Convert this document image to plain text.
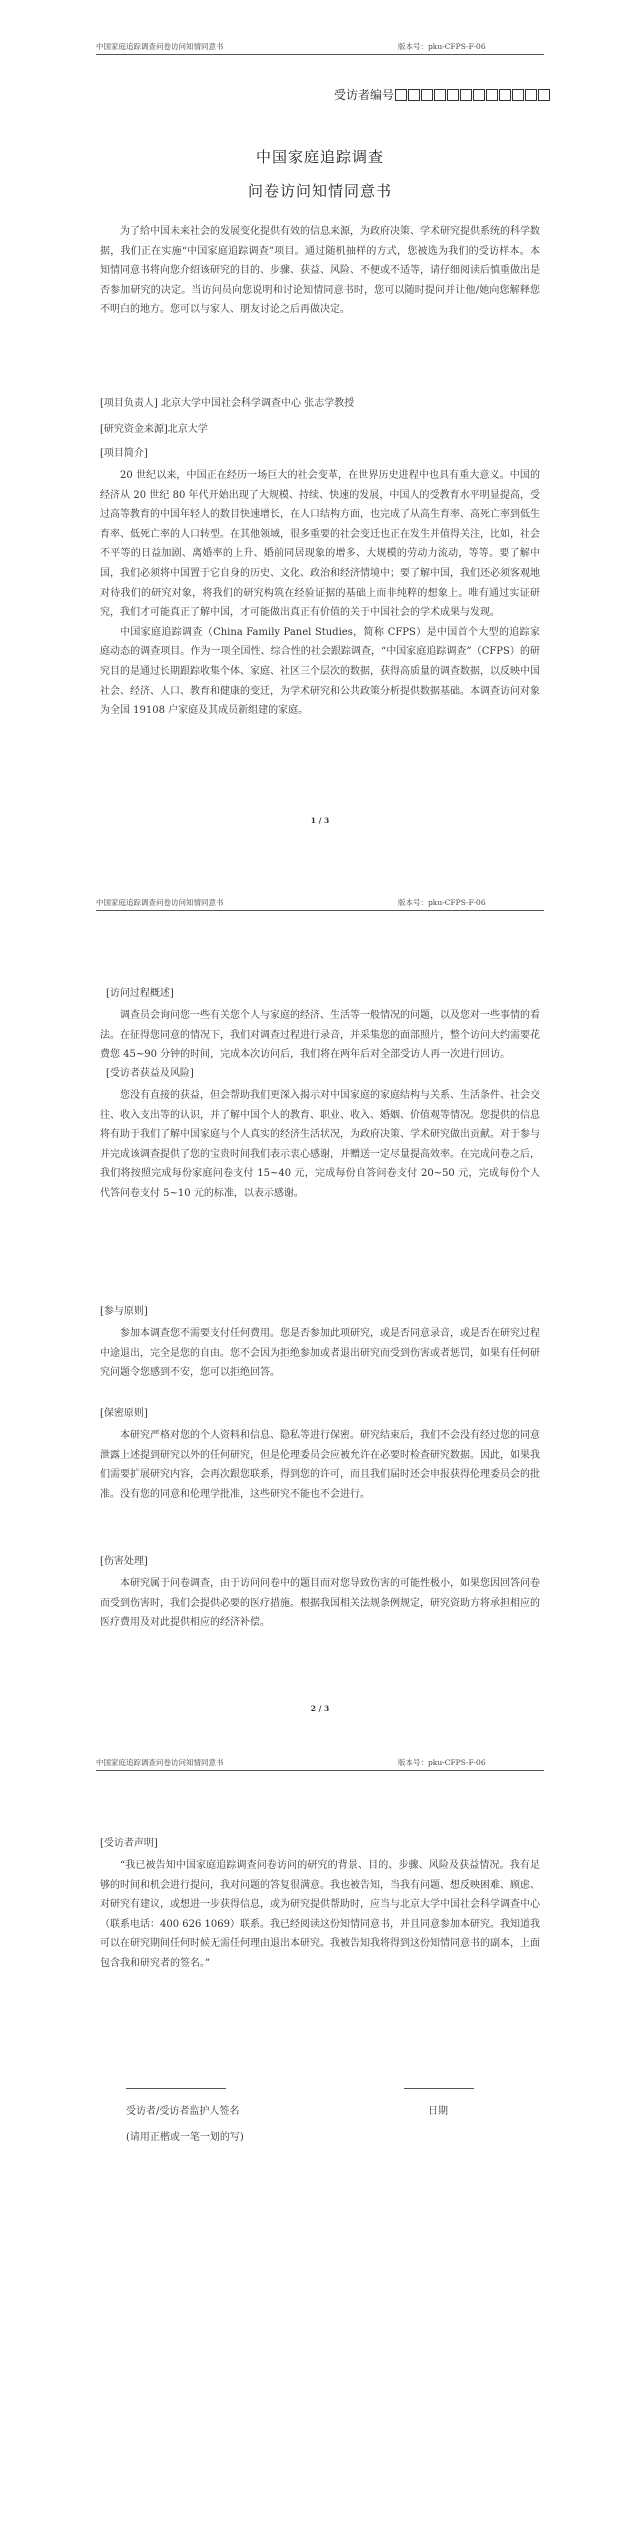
中国家庭追踪调查问卷访问知情同意书	版本号：pku-CFPS-F-06
受访者编号
中国家庭追踪调查
问卷访问知情同意书

为了给中国未来社会的发展变化提供有效的信息来源，为政府决策、学术研究提供系统的科学数据，我们正在实施“中国家庭追踪调查”项目。通过随机抽样的方式，您被选为我们的受访样本。本知情同意书将向您介绍该研究的目的、步骤、获益、风险、不便或不适等，请仔细阅读后慎重做出是否参加研究的决定。当访问员向您说明和讨论知情同意书时，您可以随时提问并让他/她向您解释您不明白的地方。您可以与家人、朋友讨论之后再做决定。

[项目负责人] 北京大学中国社会科学调查中心 张志学教授
[研究资金来源]北京大学
[项目简介]

20 世纪以来，中国正在经历一场巨大的社会变革，在世界历史进程中也具有重大意义。中国的经济从 20 世纪 80 年代开始出现了大规模、持续、快速的发展，中国人的受教育水平明显提高，受过高等教育的中国年轻人的数目快速增长，在人口结构方面，也完成了从高生育率、高死亡率到低生育率、低死亡率的人口转型。在其他领域，很多重要的社会变迁也正在发生并值得关注，比如，社会不平等的日益加剧、离婚率的上升、婚前同居现象的增多、大规模的劳动力流动，等等。要了解中国，我们必须将中国置于它自身的历史、文化、政治和经济情境中；要了解中国，我们还必须客观地对待我们的研究对象，将我们的研究构筑在经验证据的基础上而非纯粹的想象上。唯有通过实证研究，我们才可能真正了解中国，才可能做出真正有价值的关于中国社会的学术成果与发现。

中国家庭追踪调查（China Family Panel Studies，简称 CFPS）是中国首个大型的追踪家庭动态的调查项目。作为一项全国性、综合性的社会跟踪调查，“中国家庭追踪调查”（CFPS）的研究目的是通过长期跟踪收集个体、家庭、社区三个层次的数据，获得高质量的调查数据，以反映中国社会、经济、人口、教育和健康的变迁，为学术研究和公共政策分析提供数据基础。本调查访问对象为全国 19108 户家庭及其成员新组建的家庭。

1 / 3
中国家庭追踪调查问卷访问知情同意书	版本号：pku-CFPS-F-06
[访问过程概述]

调查员会询问您一些有关您个人与家庭的经济、生活等一般情况的问题，以及您对一些事情的看法。在征得您同意的情况下，我们对调查过程进行录音，并采集您的面部照片，整个访问大约需要花费您 45~90 分钟的时间，完成本次访问后，我们将在两年后对全部受访人再一次进行回访。

[受访者获益及风险]

您没有直接的获益，但会帮助我们更深入揭示对中国家庭的家庭结构与关系、生活条件、社会交往、收入支出等的认识，并了解中国个人的教育、职业、收入、婚姻、价值观等情况。您提供的信息将有助于我们了解中国家庭与个人真实的经济生活状况，为政府决策、学术研究做出贡献。对于参与并完成该调查提供了您的宝贵时间我们表示衷心感谢，并赠送一定尽量提高效率。在完成问卷之后，我们将按照完成每份家庭问卷支付 15~40 元，完成每份自答问卷支付 20~50 元，完成每份个人代答问卷支付 5~10 元的标准，以表示感谢。

[参与原则]

参加本调查您不需要支付任何费用。您是否参加此项研究，或是否同意录音，或是否在研究过程中途退出，完全是您的自由。您不会因为拒绝参加或者退出研究而受到伤害或者惩罚，如果有任何研究问题令您感到不安，您可以拒绝回答。

[保密原则]

本研究严格对您的个人资料和信息、隐私等进行保密。研究结束后，我们不会没有经过您的同意泄露上述提到研究以外的任何研究，但是伦理委员会应被允许在必要时检查研究数据。因此，如果我们需要扩展研究内容，会再次跟您联系，得到您的许可，而且我们届时还会申报获得伦理委员会的批准。没有您的同意和伦理学批准，这些研究不能也不会进行。

[伤害处理]

本研究属于问卷调查，由于访问问卷中的题目而对您导致伤害的可能性极小，如果您因回答问卷而受到伤害时，我们会提供必要的医疗措施。根据我国相关法规条例规定，研究资助方将承担相应的医疗费用及对此提供相应的经济补偿。

2 / 3
中国家庭追踪调查问卷访问知情同意书	版本号：pku-CFPS-F-06
[受访者声明]

“我已被告知中国家庭追踪调查问卷访问的研究的背景、目的、步骤、风险及获益情况。我有足够的时间和机会进行提问，我对问题的答复很满意。我也被告知，当我有问题、想反映困难、顾虑、对研究有建议，或想进一步获得信息，或为研究提供帮助时，应当与北京大学中国社会科学调查中心（联系电话：400 626 1069）联系。我已经阅读这份知情同意书，并且同意参加本研究。我知道我可以在研究期间任何时候无需任何理由退出本研究。我被告知我将得到这份知情同意书的副本，上面包含我和研究者的签名。”

受访者/受访者监护人签名	日期
(请用正楷或一笔一划的写)
